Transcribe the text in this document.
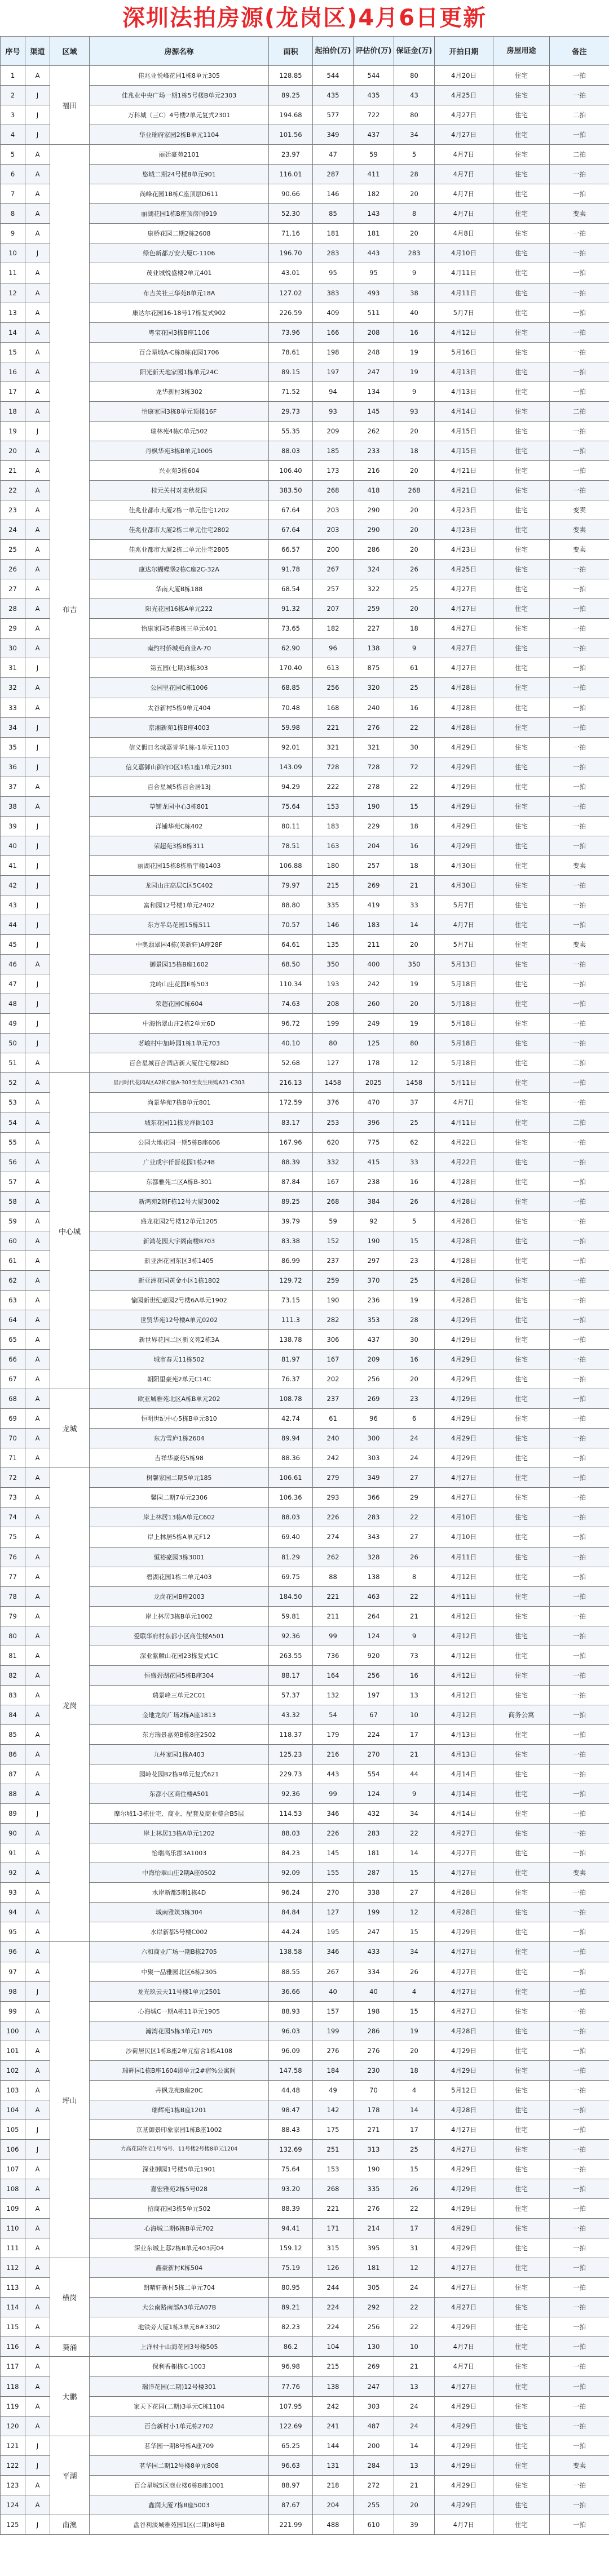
深圳法拍房源(龙岗区)4月6日更新
序号	渠道	区域	房源名称	面积	起拍价(万)	评估价(万)	保证金(万)	开拍日期	房屋用途	备注
1	A	福田	佳兆业悦峰花园1栋8单元305	128.85	544	544	80	4月20日	住宅	一拍
2	J		佳兆业中央广场一期1栋5号楼B单元2303	89.25	435	435	43	4月25日	住宅	一拍
3	J		万科城（三C）4号楼2单元复式2301	194.68	577	722	80	4月27日	住宅	二拍
4	J		华业瑞府家园2栋B单元1104	101.56	349	437	34	4月27日	住宅	一拍
5	A	布吉	丽廷豪苑2101	23.97	47	59	5	4月7日	住宅	二拍
6	A		悠城二期24号楼B单元901	116.01	287	411	28	4月7日	住宅	一拍
7	A		尚峰花园1B栋C座顶层D611	90.66	146	182	20	4月7日	住宅	一拍
8	A		丽湖花园1栋B座顶房间919	52.30	85	143	8	4月7日	住宅	变卖
9	A		康桥花园二期2栋2608	71.16	181	181	20	4月8日	住宅	一拍
10	J		绿色新都万安大厦C-1106	196.70	283	443	283	4月10日	住宅	一拍
11	A		茂业城悦盛楼2单元401	43.01	95	95	9	4月11日	住宅	一拍
12	A		布吉关社三华苑8单元18A	127.02	383	493	38	4月11日	住宅	一拍
13	A		康达尔花园16-18号17栋复式902	226.59	409	511	40	5月7日	住宅	一拍
14	A		粤宝花园3栋B座1106	73.96	166	208	16	4月12日	住宅	一拍
15	A		百合星城A-C栋8栋花园1706	78.61	198	248	19	5月16日	住宅	一拍
16	A		阳光新天地家园1栋单元24C	89.15	197	247	19	4月13日	住宅	一拍
17	A		龙华新村3栋302	71.52	94	134	9	4月13日	住宅	一拍
18	A		怡康家园3栋8单元顶楼16F	29.73	93	145	93	4月14日	住宅	二拍
19	J		瑞林苑4栋C单元502	55.35	209	262	20	4月15日	住宅	一拍
20	A		丹枫华苑3栋B单元1005	88.03	185	233	18	4月15日	住宅	一拍
21	A		兴业苑3栋604	106.40	173	216	20	4月21日	住宅	一拍
22	A		桂元关村对麦秋花园	383.50	268	418	268	4月21日	住宅	一拍
23	A		佳兆业都市大厦2栋一单元住宅1202	67.64	203	290	20	4月23日	住宅	变卖
24	A		佳兆业都市大厦2栋二单元住宅2802	67.64	203	290	20	4月23日	住宅	变卖
25	A		佳兆业都市大厦2栋二单元住宅2805	66.57	200	286	20	4月23日	住宅	变卖
26	A		康达尔蝴蝶堡2栋C座2C-32A	91.78	267	324	26	4月25日	住宅	一拍
27	A		华南大厦B栋188	68.54	257	322	25	4月27日	住宅	一拍
28	A		阳光花园16栋A单元222	91.32	207	259	20	4月27日	住宅	一拍
29	A		怡康家园5栋B栋三单元401	73.65	182	227	18	4月27日	住宅	一拍
30	A		南约村侨城苑商业A-70	62.90	96	138	9	4月27日	住宅	一拍
31	J		第五园(七期)3栋303	170.40	613	875	61	4月27日	住宅	一拍
32	A		公园里花园C栋1006	68.85	256	320	25	4月28日	住宅	一拍
33	A		太谷新村5栋9单元404	70.48	168	240	16	4月28日	住宅	一拍
34	J		京湘新苑1栋B座4003	59.98	221	276	22	4月28日	住宅	一拍
35	J		信义假日名城嘉誉华1栋-1单元1103	92.01	321	321	30	4月29日	住宅	一拍
36	J		信义嘉御山御府D区1栋1座1单元2301	143.09	728	728	72	4月29日	住宅	一拍
37	A		百合星城5栋百合居13J	94.29	222	278	22	4月29日	住宅	一拍
38	A		草铺龙园中心3栋801	75.64	153	190	15	4月29日	住宅	一拍
39	J		洋铺华苑C栋402	80.11	183	229	18	4月29日	住宅	一拍
40	J		荣超苑3栋8栋311	78.51	163	204	16	4月29日	住宅	一拍
41	J		丽湖花园15栋8栋新宇楼1403	106.88	180	257	18	4月30日	住宅	变卖
42	J		龙园山庄高层C区5C402	79.97	215	269	21	4月30日	住宅	一拍
43	J		富和园12号楼1单元2402	88.80	335	419	33	5月7日	住宅	一拍
44	J		东方半岛花园15栋511	70.57	146	183	14	4月7日	住宅	一拍
45	J		中奥翡翠园4栋(美新轩)A座28F	64.61	135	211	20	5月7日	住宅	变卖
46	A		御景园15栋B座1602	68.50	350	400	350	5月13日	住宅	一拍
47	J		龙岭山庄花园E栋503	110.34	193	242	19	5月18日	住宅	一拍
48	J		荣超花园C栋604	74.63	208	260	20	5月18日	住宅	一拍
49	J		中海怡翠山庄2栋2单元6D	96.72	199	249	19	5月18日	住宅	一拍
50	J		茗峻村中加岭园1栋1单元703	40.10	80	125	80	5月18日	住宅	一拍
51	A		百合星城百合酒店新大厦住宅楼28D	52.68	127	178	12	5月18日	住宅	二拍
52	A	中心城	星河时代花园A区A2栋C座A-303至发生所购A21-C303	216.13	1458	2025	1458	5月11日	住宅	一拍
53	A		尚景华苑7栋B单元801	172.59	376	470	37	4月7日	住宅	一拍
54	A		城东花园11栋龙祥阁103	83.17	253	396	25	4月11日	住宅	二拍
55	A		公园大地花园一期5栋B座606	167.96	620	775	62	4月22日	住宅	一拍
56	A		广业成宇仟晋花园1栋248	88.39	332	415	33	4月22日	住宅	一拍
57	A		东都雅苑二区A栋B-301	87.84	167	238	16	4月28日	住宅	一拍
58	A		新鸿苑2期F栋12号大厦3002	89.25	268	384	26	4月28日	住宅	一拍
59	A		盛龙花园2号楼12单元1205	39.79	59	92	5	4月28日	住宅	一拍
60	A		新鸿花园大宇阁南楼B703	83.38	152	190	15	4月28日	住宅	一拍
61	A		新亚洲花园东区3栋1405	86.99	237	297	23	4月28日	住宅	一拍
62	A		新亚洲花园黄金小区1栋1802	129.72	259	370	25	4月28日	住宅	一拍
63	A		愉园新世纪豪园2号楼6A单元1902	73.15	190	236	19	4月28日	住宅	一拍
64	A		世贸华苑12号楼A单元0202	111.3	282	353	28	4月29日	住宅	一拍
65	A		新世界花园二区新义苑2栋3A	138.78	306	437	30	4月29日	住宅	一拍
66	A		城市春天11栋502	81.97	167	209	16	4月29日	住宅	一拍
67	A		朝阳里豪苑2单元C14C	76.37	202	256	20	4月29日	住宅	一拍
68	A	龙城	欧亚城雅苑北区A栋B单元202	108.78	237	269	23	4月29日	住宅	一拍
69	A		恒明世纪中心5栋B单元810	42.74	61	96	6	4月29日	住宅	一拍
70	A		东方雪庐1栋2604	89.94	240	300	24	4月29日	住宅	一拍
71	A		吉祥华豪苑5栋98	88.36	242	303	24	4月29日	住宅	一拍
72	A	龙岗	树馨家园二期5单元185	106.61	279	349	27	4月27日	住宅	一拍
73	A		馨园二期7单元2306	106.36	293	366	29	4月27日	住宅	一拍
74	A		岸上林居13栋A单元C602	88.03	226	283	22	4月10日	住宅	一拍
75	A		岸上林居5栋A单元F12	69.40	274	343	27	4月10日	住宅	一拍
76	A		恒裕豪园3栋3001	81.29	262	328	26	4月11日	住宅	一拍
77	A		碧湖花园1栋二单元403	69.75	88	138	8	4月12日	住宅	一拍
78	A		龙岗花园B座2003	184.50	221	463	22	4月11日	住宅	一拍
79	A		岸上林居3栋B单元1002	59.81	211	264	21	4月12日	住宅	一拍
80	A		爱联华府村东都小区商住楼A501	92.36	99	124	9	4月12日	住宅	一拍
81	A		深业紫麟山花园23栋复式1C	263.55	736	920	73	4月12日	住宅	一拍
82	A		恒盛碧湖花园5栋B座304	88.17	164	256	16	4月12日	住宅	一拍
83	A		瑞景峰三单元2C01	57.37	132	197	13	4月12日	住宅	一拍
84	A		金地龙岗广场2栋A座1813	43.32	54	67	10	4月12日	商务公寓	一拍
85	A		东方瑞景嘉苑B栋8座2502	118.37	179	224	17	4月13日	住宅	一拍
86	A		九州家园1栋A403	125.23	216	270	21	4月13日	住宅	一拍
87	A		园岭花园B2栋9单元复式621	229.73	443	554	44	4月14日	住宅	一拍
88	A		东都小区商住楼A501	92.36	99	124	9	4月14日	住宅	一拍
89	J		摩尔城1-3栋住宅、商业、配套及商业整合B5层	114.53	346	432	34	4月14日	住宅	一拍
90	A		岸上林居13栋A单元1202	88.03	226	283	22	4月27日	住宅	一拍
91	A		怡瑞高乐郡3A1003	84.23	145	181	14	4月27日	住宅	一拍
92	A		中海怡翠山庄2期A座0502	92.09	155	287	15	4月27日	住宅	变卖
93	A		水岸新都5期1栋4D	96.24	270	338	27	4月28日	住宅	一拍
94	A		城南雅筑3栋304	84.84	127	199	12	4月28日	住宅	一拍
95	A		水岸新都5号楼C002	44.24	195	247	15	4月29日	住宅	一拍
96	A	坪山	六和商业广场一期B栋2705	138.58	346	433	34	4月27日	住宅	一拍
97	A		中聚一品雅园北区6栋2305	88.55	267	334	26	4月27日	住宅	一拍
98	J		龙光玖云天11号楼1单元2501	36.66	40	40	4	4月27日	住宅	一拍
99	A		心海城C一期A栋11单元1905	88.93	157	198	15	4月27日	住宅	一拍
100	A		瀚湾花园5栋3单元1705	96.03	199	286	19	4月28日	住宅	一拍
101	A		沙荷居民区1栋B座2单元宿舍1栋A108	96.09	276	276	20	4月29日	住宅	一拍
102	A		瑞辉园1栋B座1604即单元2#宿%公寓间	147.58	184	230	18	4月29日	住宅	一拍
103	A		丹枫龙苑B座20C	44.48	49	70	4	5月12日	住宅	一拍
104	A		瑞辉苑1栋B座1201	98.47	142	178	14	4月28日	住宅	一拍
105	J		京基御景印象家园1栋B座1002	88.43	175	271	17	4月27日	住宅	一拍
106	J		力高花园住宅1号"6号、11号楼2号楼8单元1204	132.69	251	313	25	4月27日	住宅	一拍
107	A		深业御园1号楼5单元1901	75.64	153	190	15	4月29日	住宅	一拍
108	A		嘉宏雅苑2栋5号028	93.20	268	335	26	4月29日	住宅	一拍
109	A		招商花园3栋5单元502	88.39	221	276	22	4月29日	住宅	一拍
110	A		心海城二期6栋B单元702	94.41	171	214	17	4月29日	住宅	一拍
111	A		深业东城上邸2栋B单元403丙04	159.12	315	395	31	4月29日	住宅	一拍
112	A	横岗	鑫豪新村K栋504	75.19	126	181	12	4月27日	住宅	一拍
113	A		朗晴轩新村5栋二单元704	80.95	244	305	24	4月27日	住宅	一拍
114	A		大公南路南部A3单元A07B	89.21	224	292	22	4月27日	住宅	一拍
115	A		地铁旁大厦1栋3单元8#3302	82.23	224	256	22	4月29日	住宅	一拍
116	A	葵涌	上洋村十山海花园3号楼505	86.2	104	130	10	4月7日	住宅	一拍
117	A	大鹏	保利香榭栋C-1003	96.98	215	269	21	4月7日	住宅	一拍
118	A		瑞洋花园(二期)12号楼301	77.76	138	247	13	4月27日	住宅	一拍
119	A		家天下花园(二期)3单元C栋1104	107.95	242	303	24	4月29日	住宅	一拍
120	A		百合新村小1单元栋2702	122.69	241	487	24	4月29日	住宅	一拍
121	J	平湖	茗华园一期8号栋A座709	65.25	144	200	14	4月29日	住宅	一拍
122	J		茗华园二期12号楼8单元808	96.63	131	284	13	4月29日	住宅	变卖
123	A		百合星城5区商业楼6栋B座1001	88.97	218	272	21	4月29日	住宅	一拍
124	A		鑫润大厦7栋B座5003	87.67	204	255	20	4月29日	住宅	一拍
125	J	南澳	盘谷利淡城雅苑园1区(二期)8号B	221.99	488	610	39	4月7日	住宅	一拍
